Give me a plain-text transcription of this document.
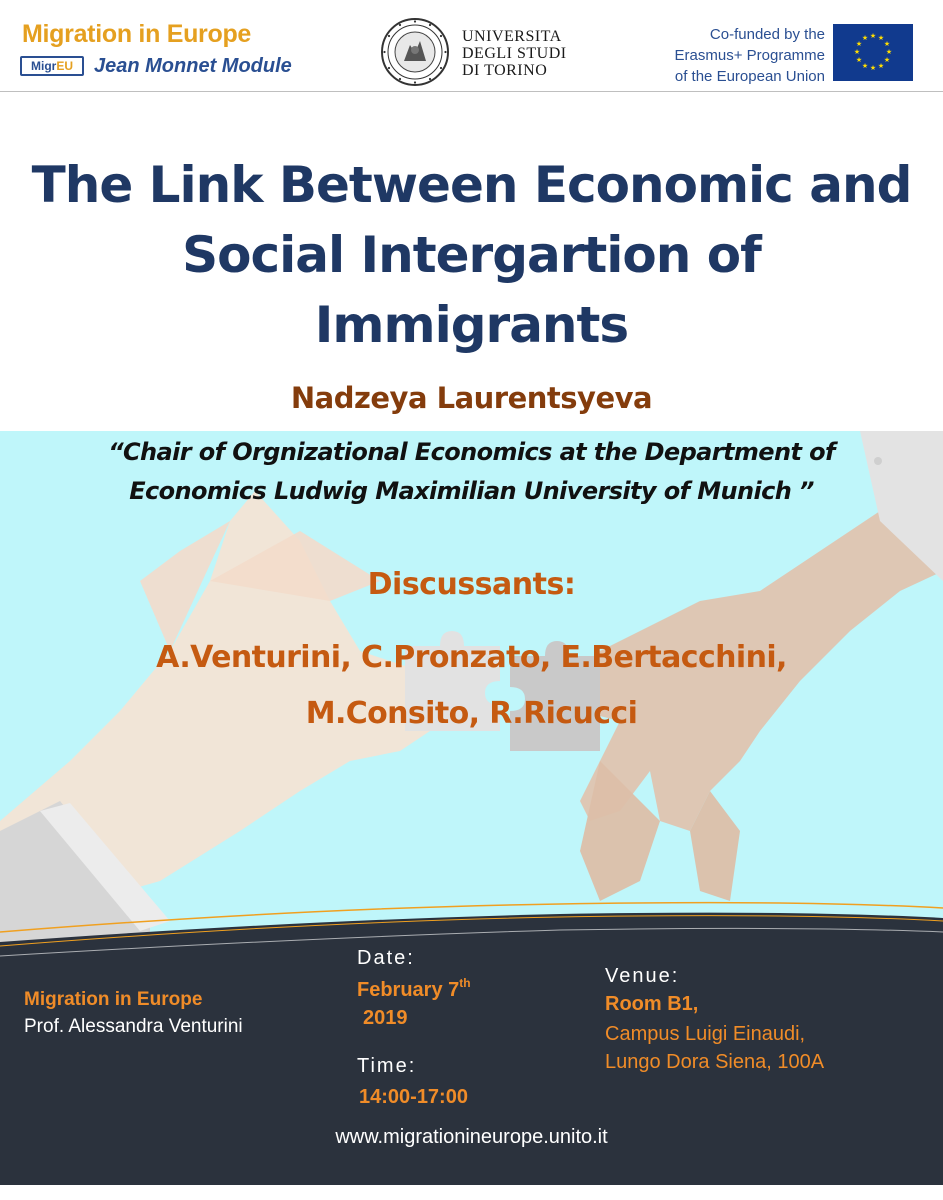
Migration in Europe
Migr EU Jean Monnet Module
UNIVERSITA
DEGLI STUDI
DI TORINO
Co-funded by the
Erasmus+ Programme
of the European Union
★ ★
★
★
★
★
★
★
★
★
★
★
The Link Between Economic and Social Intergartion of Immigrants
Nadzeya Laurentsyeva
“Chair of Orgnizational Economics at the Department of Economics Ludwig Maximilian University of Munich ”
Discussants:
A.Venturini, C.Pronzato, E.Bertacchini,
M.Consito, R.Ricucci
Migration in Europe
Prof. Alessandra Venturini
Date:
February 7th
2019
Time:
14:00-17:00
Venue:
Room B1,
Campus Luigi Einaudi,
Lungo Dora Siena, 100A
www.migrationineurope.unito.it
